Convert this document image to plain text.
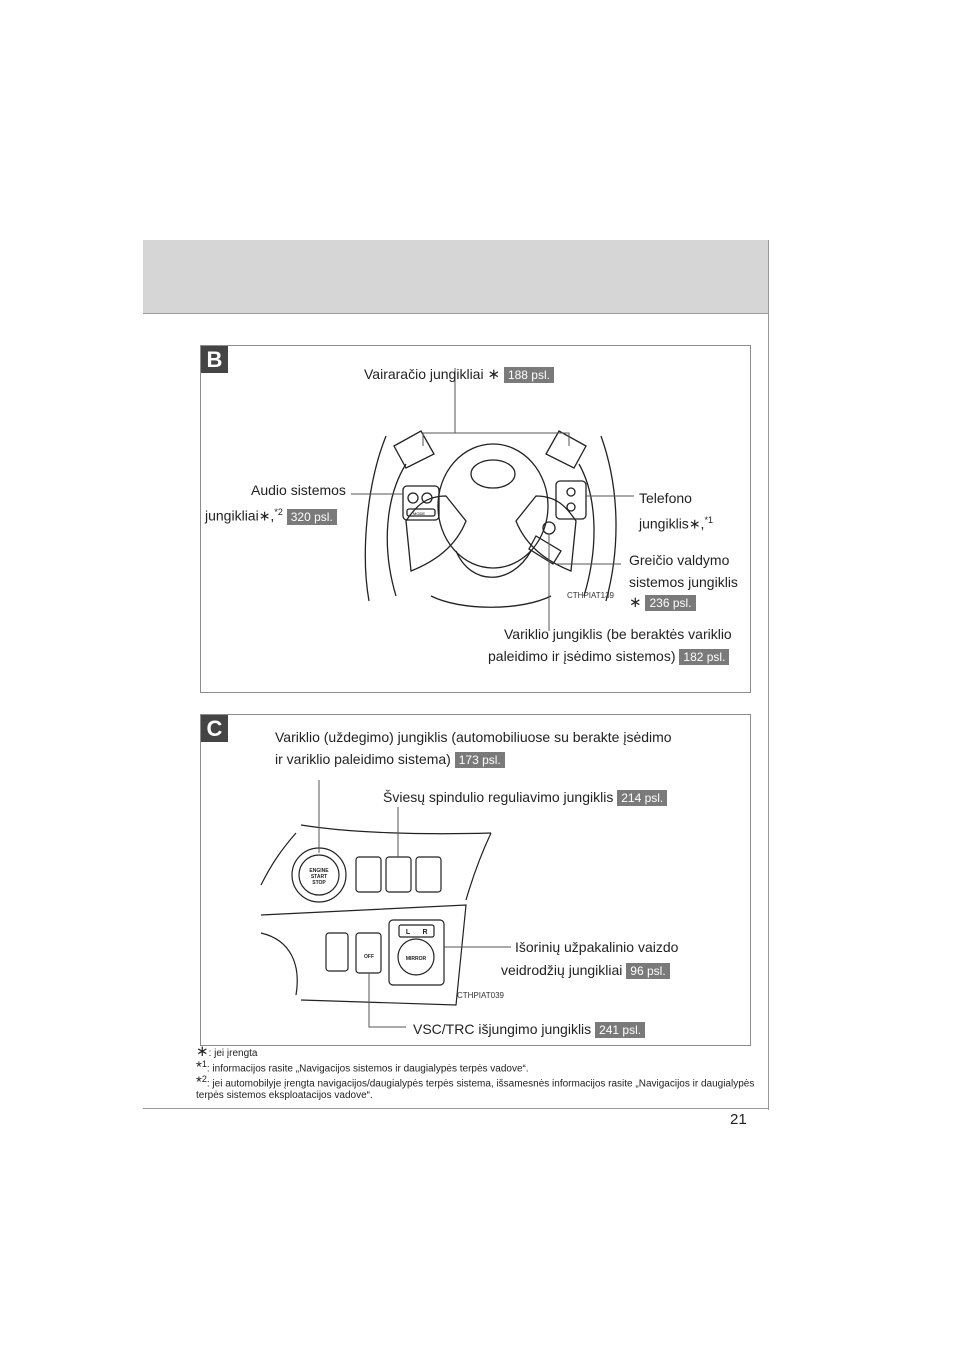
21
B
MODE
Vairaračio jungikliai ∗ 188 psl.
Audio sistemos
jungikliai∗,$^{*2}$ 320 psl.
Telefono
jungiklis∗,$^{*1}$
Greičio valdymo
sistemos jungiklis
∗ 236 psl.
CTHPIAT139
Variklio jungiklis (be beraktės variklio
paleidimo ir įsėdimo sistemos) 182 psl.
C
ENGINE
START
STOP
OFF	MIRROR
L R
Variklio (uždegimo) jungiklis (automobiliuose su berakte įsėdimo
ir variklio paleidimo sistema) 173 psl.
Šviesų spindulio reguliavimo jungiklis 214 psl.
Išorinių užpakalinio vaizdo
veidrodžių jungikliai 96 psl.
CTHPIAT039
VSC/TRC išjungimo jungiklis 241 psl.

∗: jei įrengta

*1: informacijos rasite „Navigacijos sistemos ir daugialypės terpės vadove“.

*2: jei automobilyje įrengta navigacijos/daugialypės terpės sistema, išsamesnės informacijos rasite „Navigacijos ir daugialypės terpės sistemos eksploatacijos vadove“.
